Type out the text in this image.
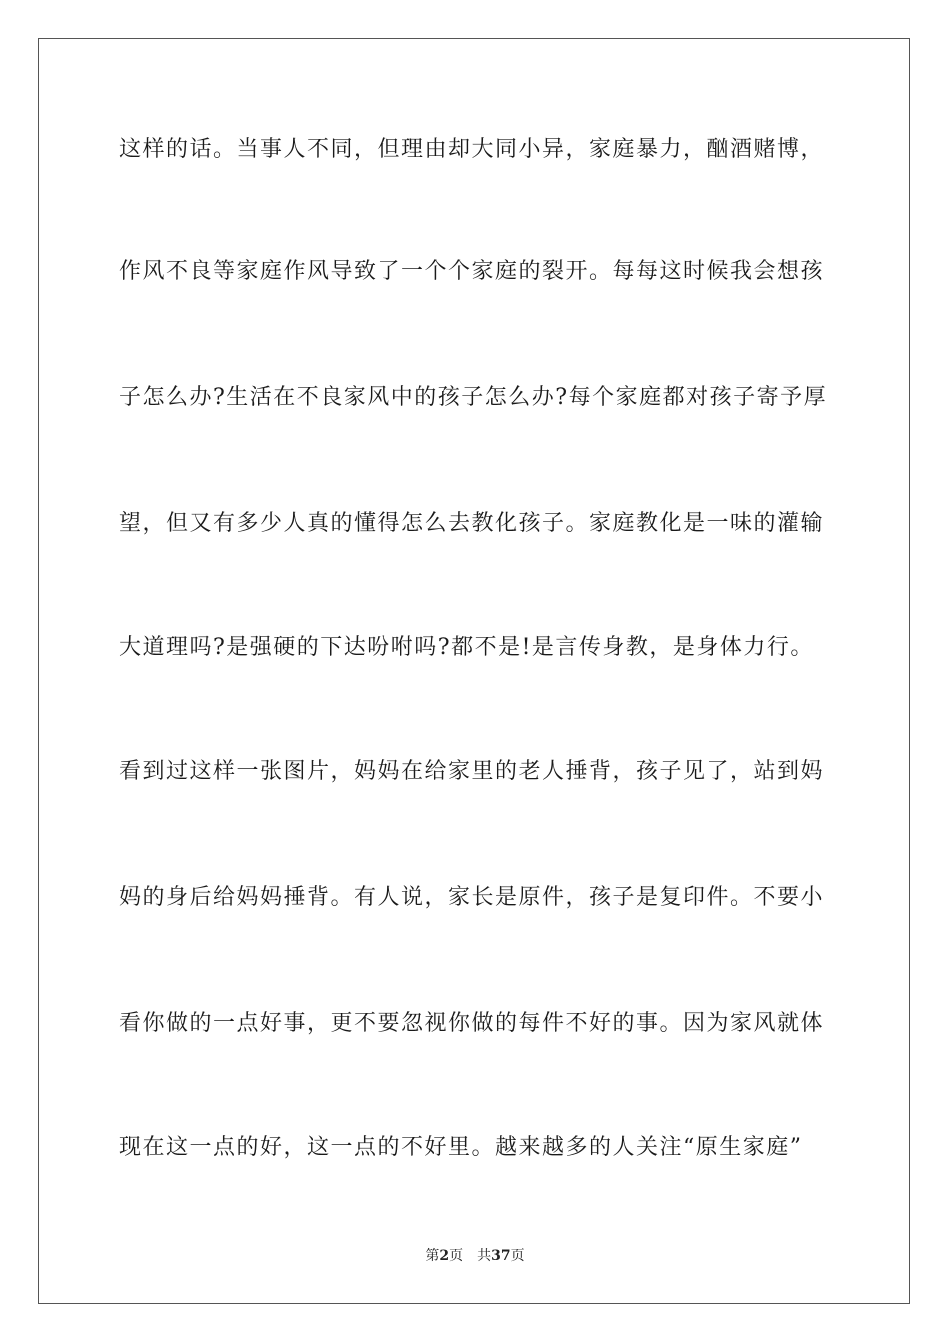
这样的话。当事人不同，但理由却大同小异，家庭暴力，酗酒赌博，
作风不良等家庭作风导致了一个个家庭的裂开。每每这时候我会想孩
子怎么办?生活在不良家风中的孩子怎么办?每个家庭都对孩子寄予厚
望，但又有多少人真的懂得怎么去教化孩子。家庭教化是一味的灌输
大道理吗?是强硬的下达吩咐吗?都不是!是言传身教，是身体力行。
看到过这样一张图片，妈妈在给家里的老人捶背，孩子见了，站到妈
妈的身后给妈妈捶背。有人说，家长是原件，孩子是复印件。不要小
看你做的一点好事，更不要忽视你做的每件不好的事。因为家风就体
现在这一点的好，这一点的不好里。越来越多的人关注“原生家庭”
第2页 共37页
